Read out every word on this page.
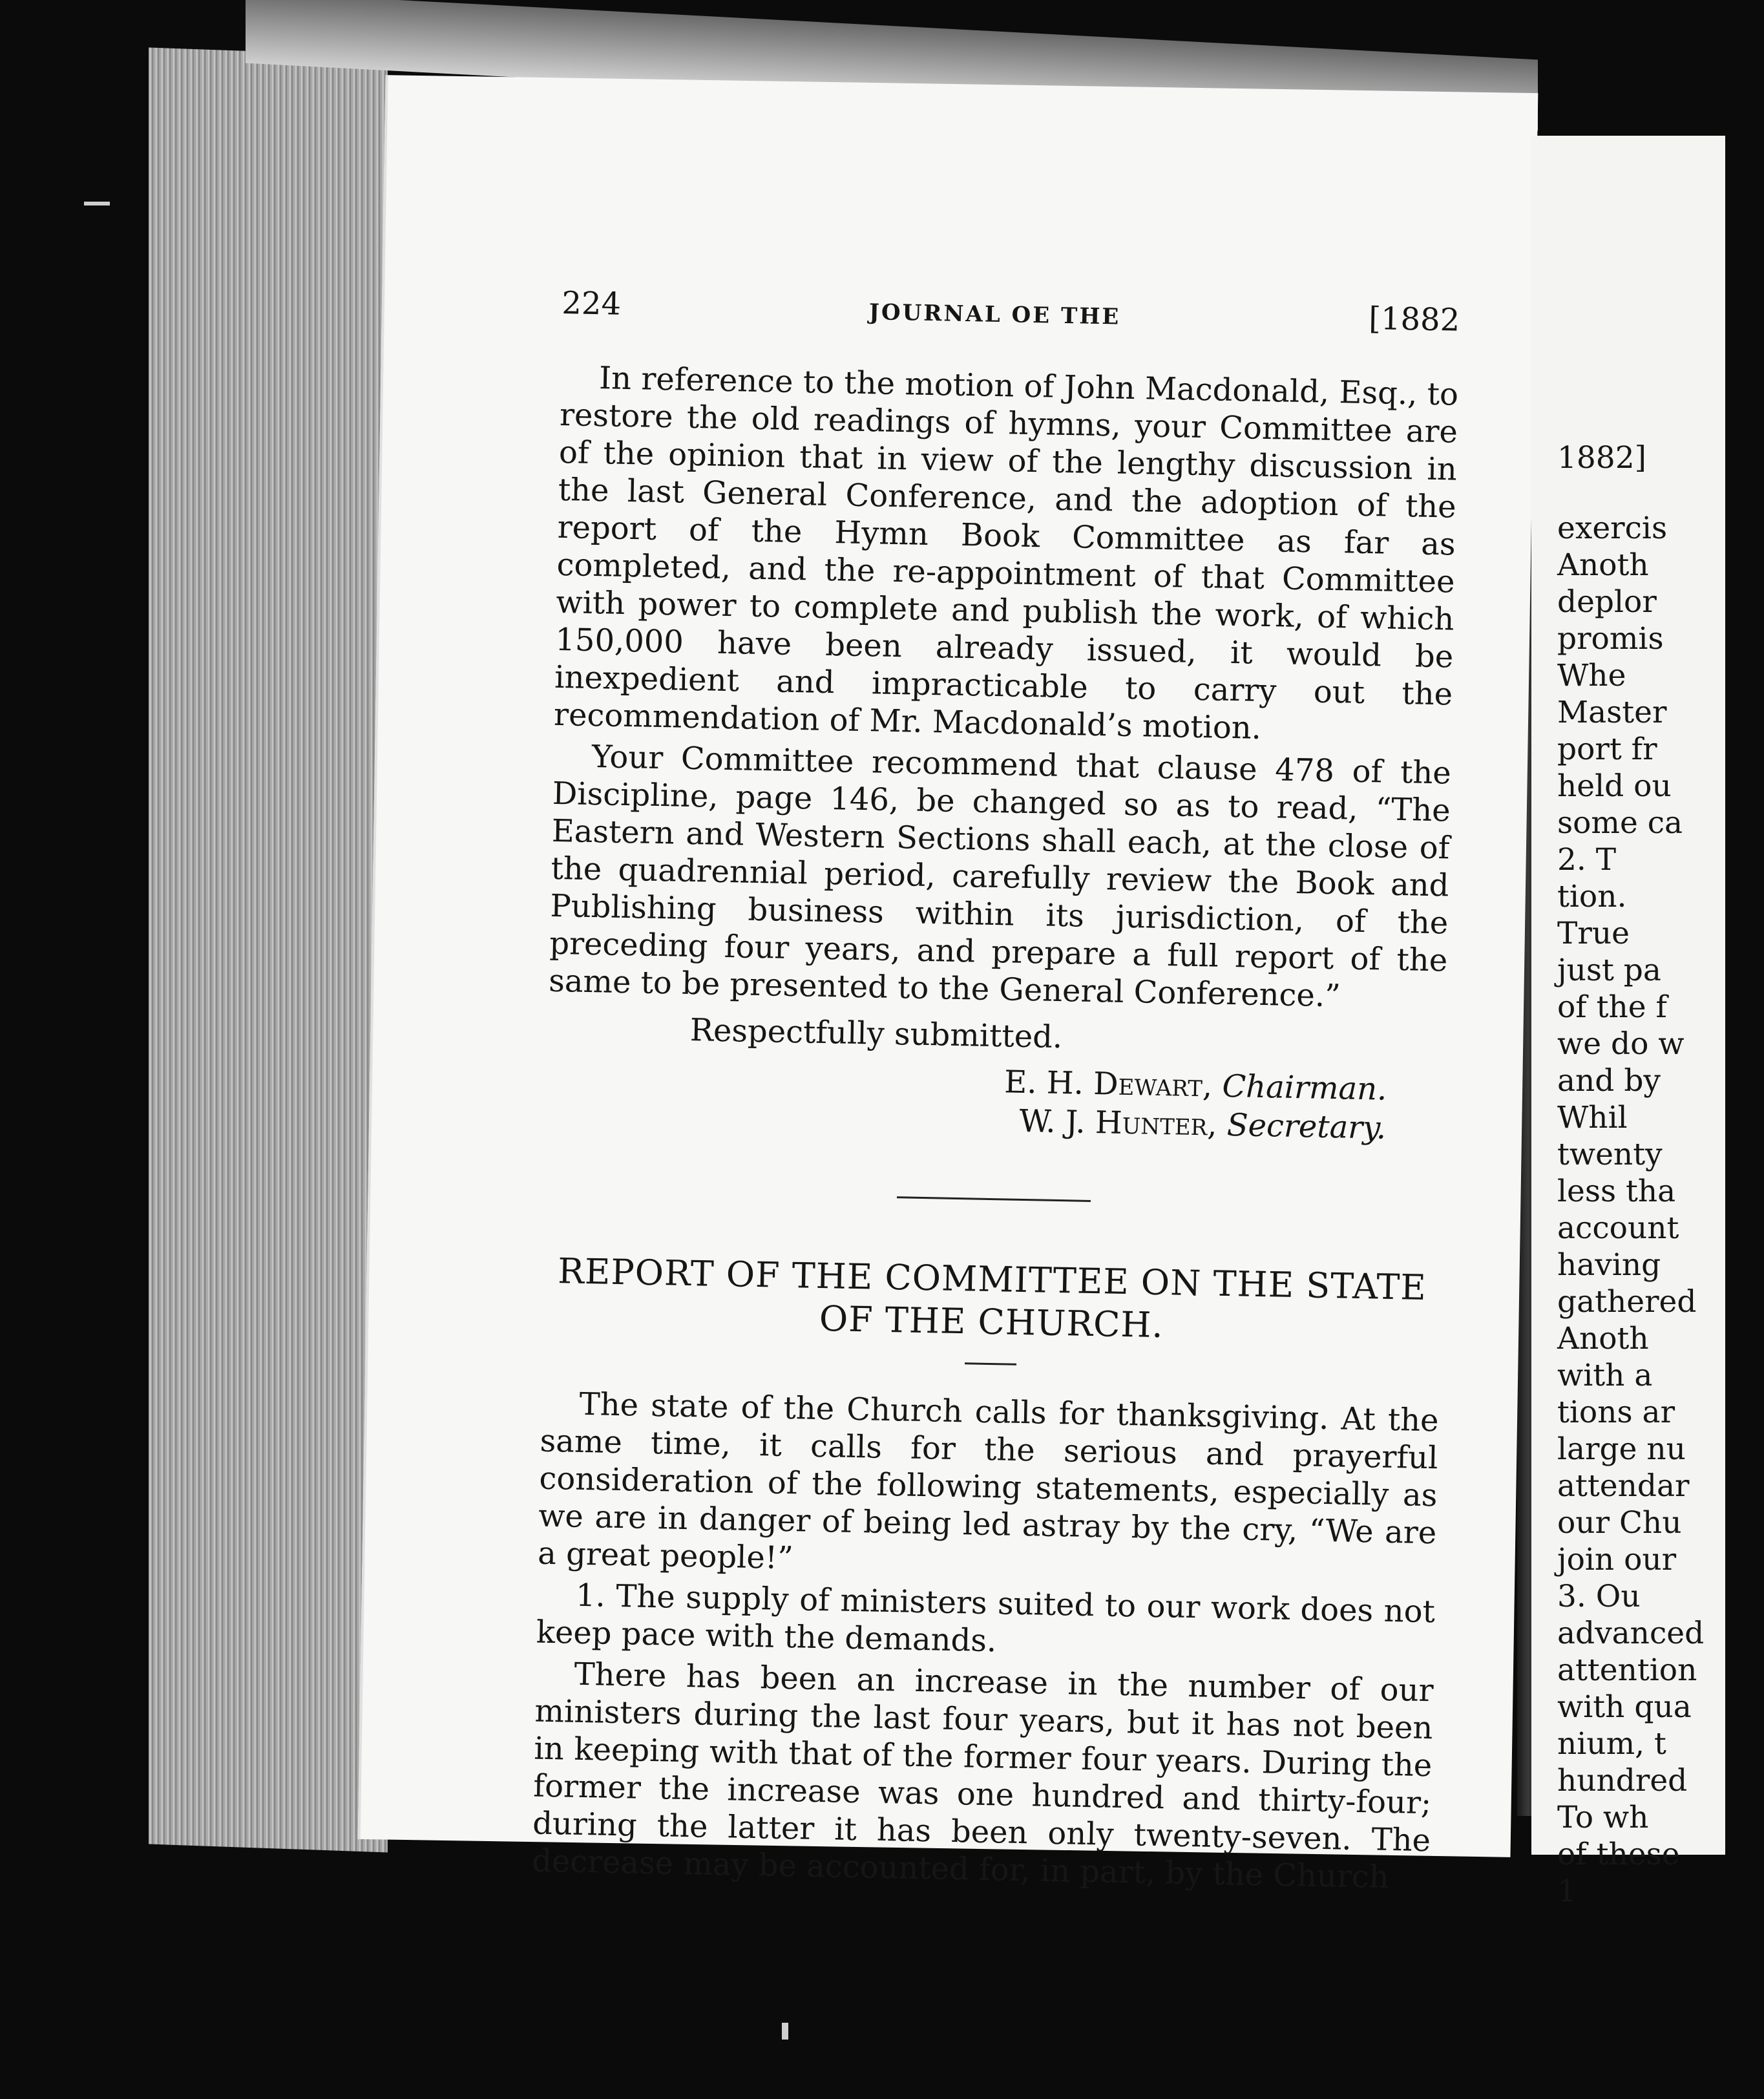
224	JOURNAL OE THE	[1882

In reference to the motion of John Macdonald, Esq., to restore the old readings of hymns, your Committee are of the opinion that in view of the lengthy discussion in the last General Conference, and the adoption of the report of the Hymn Book Committee as far as completed, and the re-appointment of that Committee with power to complete and publish the work, of which 150,000 have been already issued, it would be inexpedient and impracticable to carry out the recommendation of Mr. Macdonald’s motion.

Your Committee recommend that clause 478 of the Discipline, page 146, be changed so as to read, “The Eastern and Western Sections shall each, at the close of the quadrennial period, carefully review the Book and Publishing business within its jurisdiction, of the preceding four years, and prepare a full report of the same to be presented to the General Conference.”

Respectfully submitted.

E. H. Dewart, Chairman.
W. J. Hunter, Secretary.
REPORT OF THE COMMITTEE ON THE STATE
OF THE CHURCH.

The state of the Church calls for thanksgiving. At the same time, it calls for the serious and prayerful consideration of the following statements, especially as we are in danger of being led astray by the cry, “We are a great people!”

1. The supply of ministers suited to our work does not keep pace with the demands.

There has been an increase in the number of our ministers during the last four years, but it has not been in keeping with that of the former four years. During the former the increase was one hundred and thirty-four; during the latter it has been only twenty-seven. The decrease may be accounted for, in part, by the Church

1882]
exercis
Anoth
deplor
promis
Whe
Master
port fr
held ou
some ca
2. T
tion.
True
just pa
of the f
we do w
and by
Whil
twenty
less tha
account
having
gathered
Anoth
with a
tions ar
large nu
attendar
our Chu
join our
3. Ou
advanced
attention
with qua
nium, t
hundred
To wh
of these
1
